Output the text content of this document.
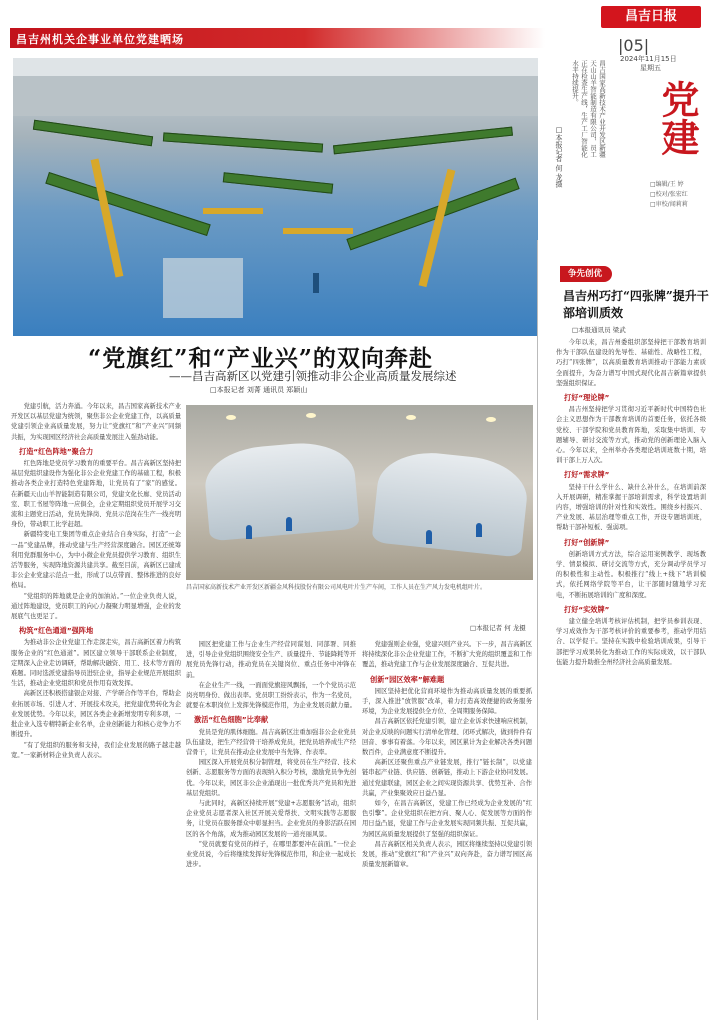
昌吉州机关企事业单位党建晒场
昌吉日报
|05|
2024年11月15日
星期五
党建
□编辑/王 婷
□校对/张宏红
□审校/闻莉莉
昌吉国家高新技术产业开发区新疆天山山羊智能制造有限公司，员工正在检查生产线，生产工厂智能化水平持续提升。
□本报记者 何 龙摄
“党旗红”和“产业兴”的双向奔赴
——昌吉高新区以党建引领推动非公企业高质量发展综述
□本报记者 刘菁 通讯员 郑颖山

党建引航，活力奔涌。今年以来，昌吉国家高新技术产业开发区以基层党建为统领，聚焦非公企业党建工作，以高质量党建引领企业高质量发展，努力让“党旗红”和“产业兴”同频共振，为实现园区经济社会高质量发展注入强劲动能。

打造“红色阵地”聚合力

红色阵地是党员学习教育的重要平台。昌吉高新区坚持把基层党组织建设作为强化非公企业党建工作的基础工程，积极推动各类企业打造特色党建阵地，让党员有了“家”的感觉。在新疆天山山羊智能制造有限公司，党建文化长廊、党员活动室、职工书屋等阵地一应俱全，企业定期组织党员开展学习交流和主题党日活动，党员先锋岗、党员示范岗在生产一线亮明身份，带动职工比学赶超。

新疆特变电工集团等重点企业结合自身实际，打造“一企一品”党建品牌，推动党建与生产经营深度融合。园区还统筹利用党群服务中心，为中小微企业党员提供学习教育、组织生活等服务，实现阵地资源共建共享。截至目前，高新区已建成非公企业党建示范点一批，形成了以点带面、整体推进的良好格局。

“党组织的阵地就是企业的加油站。”一位企业负责人说，通过阵地建设，党员职工的向心力凝聚力明显增强，企业的发展底气也更足了。

构筑“红色通道”强阵地

为推动非公企业党建工作走深走实，昌吉高新区着力构筑服务企业的“红色通道”。园区建立领导干部联系企业制度，定期深入企业走访调研，帮助解决融资、用工、技术等方面的难题。同时选派党建指导员进驻企业，指导企业规范开展组织生活，推动企业党组织和党员作用有效发挥。

高新区还积极搭建银企对接、产学研合作等平台，帮助企业拓展市场、引进人才、开展技术攻关，把党建优势转化为企业发展优势。今年以来，园区各类企业新增发明专利多项，一批企业入选专精特新企业名单，企业创新能力和核心竞争力不断提升。

“有了党组织的服务和支持，我们企业发展的路子越走越宽。”一家新材料企业负责人表示。

昌吉国家高新技术产业开发区新疆金风科技股份有限公司风电叶片生产车间，工作人员在生产风力发电机组叶片。
□本报记者 何 龙摄

园区把党建工作与企业生产经营同谋划、同部署、同推进，引导企业党组织围绕安全生产、质量提升、节能降耗等开展党员先锋行动，推动党员在关键岗位、重点任务中冲锋在前。

在企业生产一线，一面面党旗迎风飘扬，一个个党员示范岗亮明身份、做出表率。党员职工纷纷表示，作为一名党员，就要在本职岗位上发挥先锋模范作用，为企业发展贡献力量。

激活“红色细胞”比奉献

党员是党的肌体细胞。昌吉高新区注重加强非公企业党员队伍建设，把生产经营骨干培养成党员，把党员培养成生产经营骨干，让党员在推动企业发展中当先锋、作表率。

园区深入开展党员积分制管理，将党员在生产经营、技术创新、志愿服务等方面的表现纳入积分考核，激励党员争先创优。今年以来，园区非公企业涌现出一批优秀共产党员和先进基层党组织。

与此同时，高新区持续开展“党建+志愿服务”活动，组织企业党员志愿者深入社区开展关爱帮扶、文明实践等志愿服务，让党员在服务群众中彰显担当。企业党员的身影活跃在园区的各个角落，成为推动园区发展的一道亮丽风景。

“党员就要有党员的样子，在哪里都要冲在前面。”一位企业党员说，今后将继续发挥好先锋模范作用，和企业一起成长进步。

党建强则企业强，党建兴则产业兴。下一步，昌吉高新区将持续深化非公企业党建工作，不断扩大党的组织覆盖和工作覆盖，推动党建工作与企业发展深度融合、互促共进。

创新“园区效率”解难题

园区坚持把优化营商环境作为推动高质量发展的重要抓手，深入推进“放管服”改革，着力打造高效便捷的政务服务环境，为企业发展提供全方位、全周期服务保障。

昌吉高新区依托党建引领，建立企业诉求快速响应机制，对企业反映的问题实行清单化管理、闭环式解决，做到件件有回音、事事有着落。今年以来，园区累计为企业解决各类问题数百件，企业满意度不断提升。

高新区还聚焦重点产业链发展，推行“链长制”，以党建链串起产业链、供应链、创新链，推动上下游企业协同发展。通过党建联建，园区企业之间实现资源共享、优势互补、合作共赢，产业集聚效应日益凸显。

如今，在昌吉高新区，党建工作已经成为企业发展的“红色引擎”。企业党组织在把方向、聚人心、促发展等方面的作用日益凸显，党建工作与企业发展实现同频共振、互促共赢，为园区高质量发展提供了坚强的组织保证。

昌吉高新区相关负责人表示，园区将继续坚持以党建引领发展，推动“党旗红”和“产业兴”双向奔赴，奋力谱写园区高质量发展新篇章。

争先创优
昌吉州巧打“四张牌”提升干部培训质效
□本报通讯员 梁武

今年以来，昌吉州委组织部坚持把干部教育培训作为干部队伍建设的先导性、基础性、战略性工程，巧打“四张牌”，以高质量教育培训推动干部能力素质全面提升，为奋力谱写中国式现代化昌吉新篇章提供坚强组织保证。

打好“理论牌”

昌吉州坚持把学习贯彻习近平新时代中国特色社会主义思想作为干部教育培训的首要任务，依托各级党校、干部学院和党员教育阵地，采取集中培训、专题辅导、研讨交流等方式，推动党的创新理论入脑入心。今年以来，全州举办各类理论培训班数十期，培训干部上万人次。

打好“需求牌”

坚持干什么学什么、缺什么补什么，在培训前深入开展调研，精准掌握干部培训需求，科学设置培训内容，增强培训的针对性和实效性。围绕乡村振兴、产业发展、基层治理等重点工作，开设专题培训班，帮助干部补短板、强弱项。

打好“创新牌”

创新培训方式方法，综合运用案例教学、现场教学、情景模拟、研讨交流等方式，充分调动学员学习的积极性和主动性。积极推行“线上+线下”培训模式，依托网络学院等平台，让干部随时随地学习充电，不断拓展培训的广度和深度。

打好“实效牌”

建立健全培训考核评估机制，把学员参训表现、学习成效作为干部考核评价的重要参考，推动学用结合、以学促干。坚持在实践中检验培训成果，引导干部把学习成果转化为推动工作的实际成效，以干部队伍能力提升助推全州经济社会高质量发展。
